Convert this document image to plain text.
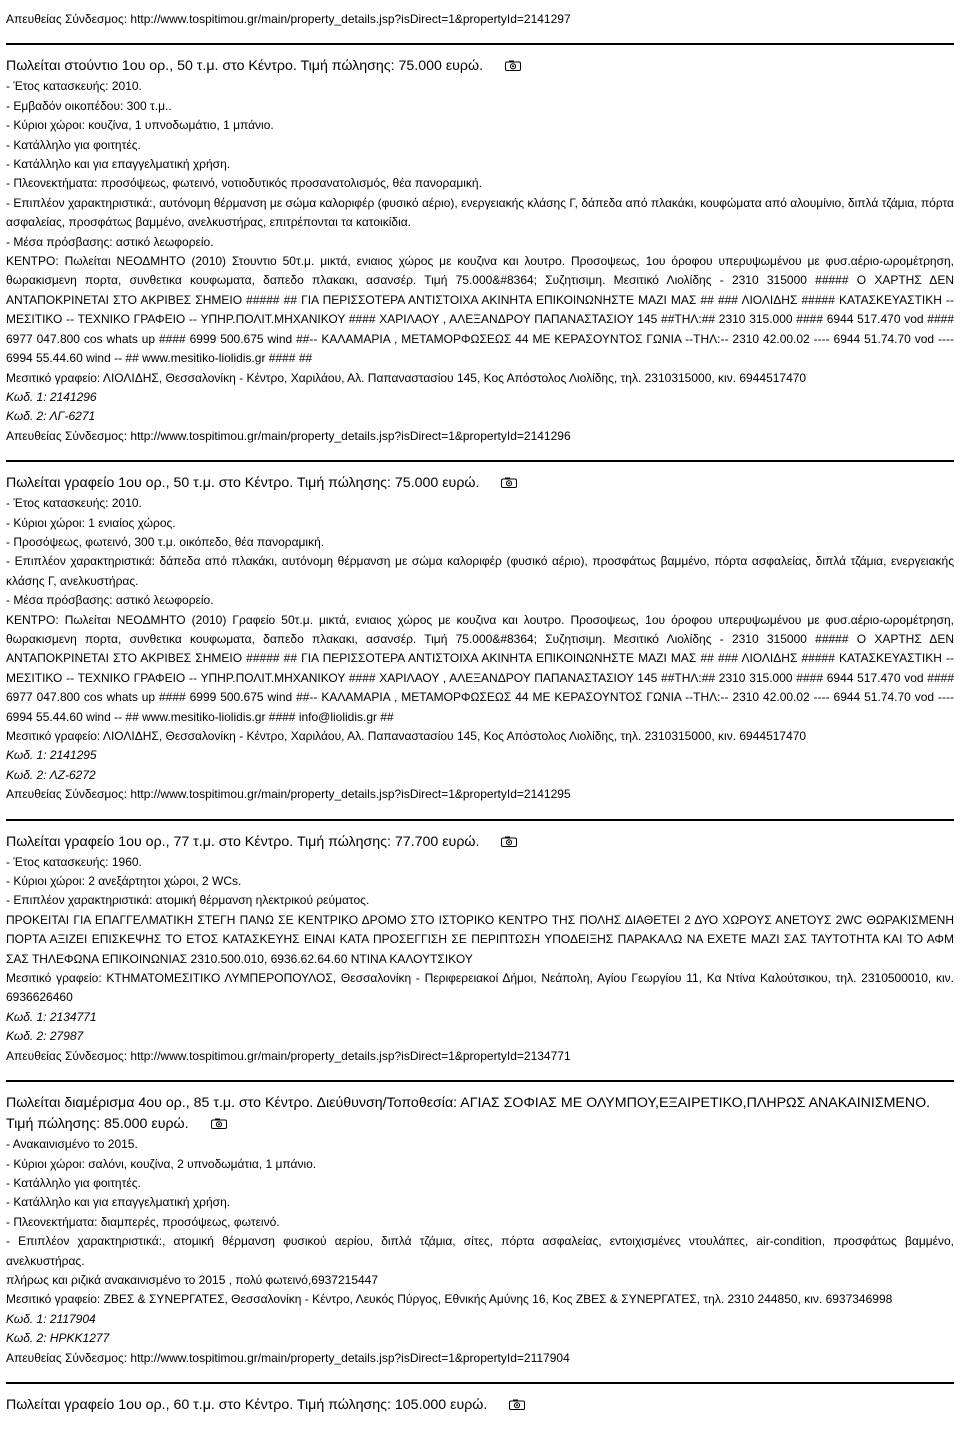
Απευθείας Σύνδεσμος: http://www.tospitimou.gr/main/property_details.jsp?isDirect=1&propertyId=2141297
Πωλείται στούντιο 1ου ορ., 50 τ.μ. στο Κέντρο. Τιμή πώλησης: 75.000 ευρώ.
- Έτος κατασκευής: 2010.
- Εμβαδόν οικοπέδου: 300 τ.μ..
- Κύριοι χώροι: κουζίνα, 1 υπνοδωμάτιο, 1 μπάνιο.
- Κατάλληλο για φοιτητές.
- Κατάλληλο και για επαγγελματική χρήση.
- Πλεονεκτήματα: προσόψεως, φωτεινό, νοτιοδυτικός προσανατολισμός, θέα πανοραμική.
- Επιπλέον χαρακτηριστικά:, αυτόνομη θέρμανση με σώμα καλοριφέρ (φυσικό αέριο), ενεργειακής κλάσης Γ, δάπεδα από πλακάκι, κουφώματα από αλουμίνιο, διπλά τζάμια, πόρτα ασφαλείας, προσφάτως βαμμένο, ανελκυστήρας, επιτρέπονται τα κατοικίδια.
- Μέσα πρόσβασης: αστικό λεωφορείο.
ΚΕΝΤΡΟ: Πωλείται ΝΕΟΔΜΗΤΟ (2010) Στουντιο 50τ.μ. μικτά, ενιαιος χώρος με κουζινα και λουτρο. Προσοψεως, 1ου όροφου υπερυψωμένου με φυσ.αέριο-ωρομέτρηση, θωρακισμενη πορτα, συνθετικα κουφωματα, δαπεδο πλακακι, ασανσέρ. Τιμή 75.000&#8364; Συζητισιμη. Μεσιτικό Λιολίδης - 2310 315000 ##### Ο ΧΑΡΤΗΣ ΔΕΝ ΑΝΤΑΠΟΚΡΙΝΕΤΑΙ ΣΤΟ ΑΚΡΙΒΕΣ ΣΗΜΕΙΟ ##### ## ΓΙΑ ΠΕΡΙΣΣΟΤΕΡΑ ΑΝΤΙΣΤΟΙΧΑ ΑΚΙΝΗΤΑ ΕΠΙΚΟΙΝΩΝΗΣΤΕ ΜΑΖΙ ΜΑΣ ## ### ΛΙΟΛΙΔΗΣ ##### ΚΑΤΑΣΚΕΥΑΣΤΙΚΗ -- ΜΕΣΙΤΙΚΟ -- ΤΕΧΝΙΚΟ ΓΡΑΦΕΙΟ -- ΥΠΗΡ.ΠΟΛΙΤ.ΜΗΧΑΝΙΚΟΥ #### ΧΑΡΙΛΑΟΥ , ΑΛΕΞΑΝΔΡΟΥ ΠΑΠΑΝΑΣΤΑΣΙΟΥ 145 ##ΤΗΛ:## 2310 315.000 #### 6944 517.470 vod #### 6977 047.800 cos whats up #### 6999 500.675 wind ##-- ΚΑΛΑΜΑΡΙΑ , ΜΕΤΑΜΟΡΦΩΣΕΩΣ 44 ΜΕ ΚΕΡΑΣΟΥΝΤΟΣ ΓΩΝΙΑ --ΤΗΛ:-- 2310 42.00.02 ---- 6944 51.74.70 vod ---- 6994 55.44.60 wind -- ## www.mesitiko-liolidis.gr #### ##
Μεσιτικό γραφείο: ΛΙΟΛΙΔΗΣ, Θεσσαλονίκη - Κέντρο, Χαριλάου, Αλ. Παπαναστασίου 145, Κος Απόστολος Λιολίδης, τηλ. 2310315000, κιν. 6944517470
Κωδ. 1: 2141296
Κωδ. 2: ΛΓ-6271
Απευθείας Σύνδεσμος: http://www.tospitimou.gr/main/property_details.jsp?isDirect=1&propertyId=2141296
Πωλείται γραφείο 1ου ορ., 50 τ.μ. στο Κέντρο. Τιμή πώλησης: 75.000 ευρώ.
- Έτος κατασκευής: 2010.
- Κύριοι χώροι: 1 ενιαίος χώρος.
- Προσόψεως, φωτεινό, 300 τ.μ. οικόπεδο, θέα πανοραμική.
- Επιπλέον χαρακτηριστικά: δάπεδα από πλακάκι, αυτόνομη θέρμανση με σώμα καλοριφέρ (φυσικό αέριο), προσφάτως βαμμένο, πόρτα ασφαλείας, διπλά τζάμια, ενεργειακής κλάσης Γ, ανελκυστήρας.
- Μέσα πρόσβασης: αστικό λεωφορείο.
ΚΕΝΤΡΟ: Πωλείται ΝΕΟΔΜΗΤΟ (2010) Γραφείο 50τ.μ. μικτά, ενιαιος χώρος με κουζινα και λουτρο. Προσοψεως, 1ου όροφου υπερυψωμένου με φυσ.αέριο-ωρομέτρηση, θωρακισμενη πορτα, συνθετικα κουφωματα, δαπεδο πλακακι, ασανσέρ. Τιμή 75.000&#8364; Συζητισιμη. Μεσιτικό Λιολίδης - 2310 315000 ##### Ο ΧΑΡΤΗΣ ΔΕΝ ΑΝΤΑΠΟΚΡΙΝΕΤΑΙ ΣΤΟ ΑΚΡΙΒΕΣ ΣΗΜΕΙΟ ##### ## ΓΙΑ ΠΕΡΙΣΣΟΤΕΡΑ ΑΝΤΙΣΤΟΙΧΑ ΑΚΙΝΗΤΑ ΕΠΙΚΟΙΝΩΝΗΣΤΕ ΜΑΖΙ ΜΑΣ ## ### ΛΙΟΛΙΔΗΣ ##### ΚΑΤΑΣΚΕΥΑΣΤΙΚΗ -- ΜΕΣΙΤΙΚΟ -- ΤΕΧΝΙΚΟ ΓΡΑΦΕΙΟ -- ΥΠΗΡ.ΠΟΛΙΤ.ΜΗΧΑΝΙΚΟΥ #### ΧΑΡΙΛΑΟΥ , ΑΛΕΞΑΝΔΡΟΥ ΠΑΠΑΝΑΣΤΑΣΙΟΥ 145 ##ΤΗΛ:## 2310 315.000 #### 6944 517.470 vod #### 6977 047.800 cos whats up #### 6999 500.675 wind ##-- ΚΑΛΑΜΑΡΙΑ , ΜΕΤΑΜΟΡΦΩΣΕΩΣ 44 ΜΕ ΚΕΡΑΣΟΥΝΤΟΣ ΓΩΝΙΑ --ΤΗΛ:-- 2310 42.00.02 ---- 6944 51.74.70 vod ---- 6994 55.44.60 wind -- ## www.mesitiko-liolidis.gr #### info@liolidis.gr ##
Μεσιτικό γραφείο: ΛΙΟΛΙΔΗΣ, Θεσσαλονίκη - Κέντρο, Χαριλάου, Αλ. Παπαναστασίου 145, Κος Απόστολος Λιολίδης, τηλ. 2310315000, κιν. 6944517470
Κωδ. 1: 2141295
Κωδ. 2: ΛΖ-6272
Απευθείας Σύνδεσμος: http://www.tospitimou.gr/main/property_details.jsp?isDirect=1&propertyId=2141295
Πωλείται γραφείο 1ου ορ., 77 τ.μ. στο Κέντρο. Τιμή πώλησης: 77.700 ευρώ.
- Έτος κατασκευής: 1960.
- Κύριοι χώροι: 2 ανεξάρτητοι χώροι, 2 WCs.
- Επιπλέον χαρακτηριστικά: ατομική θέρμανση ηλεκτρικού ρεύματος.
ΠΡΟΚΕΙΤΑΙ ΓΙΑ ΕΠΑΓΓΕΛΜΑΤΙΚΗ ΣΤΕΓΗ ΠΑΝΩ ΣΕ ΚΕΝΤΡΙΚΟ ΔΡΟΜΟ ΣΤΟ ΙΣΤΟΡΙΚΟ ΚΕΝΤΡΟ ΤΗΣ ΠΟΛΗΣ ΔΙΑΘΕΤΕΙ 2 ΔΥΟ ΧΩΡΟΥΣ ΑΝΕΤΟΥΣ 2WC ΘΩΡΑΚΙΣΜΕΝΗ ΠΟΡΤΑ ΑΞΙΖΕΙ ΕΠΙΣΚΕΨΗΣ ΤΟ ΕΤΟΣ ΚΑΤΑΣΚΕΥΗΣ ΕΙΝΑΙ ΚΑΤΑ ΠΡΟΣΕΓΓΙΣΗ ΣΕ ΠΕΡΙΠΤΩΣΗ ΥΠΟΔΕΙΞΗΣ ΠΑΡΑΚΑΛΩ ΝΑ ΕΧΕΤΕ ΜΑΖΙ ΣΑΣ ΤΑΥΤΟΤΗΤΑ ΚΑΙ ΤΟ ΑΦΜ ΣΑΣ ΤΗΛΕΦΩΝΑ ΕΠΙΚΟΙΝΩΝΙΑΣ 2310.500.010, 6936.62.64.60 ΝΤΙΝΑ ΚΑΛΟΥΤΣΙΚΟΥ
Μεσιτικό γραφείο: ΚΤΗΜΑΤΟΜΕΣΙΤΙΚΟ ΛΥΜΠΕΡΟΠΟΥΛΟΣ, Θεσσαλονίκη - Περιφερειακοί Δήμοι, Νεάπολη, Αγίου Γεωργίου 11, Κα Ντίνα Καλούτσικου, τηλ. 2310500010, κιν. 6936626460
Κωδ. 1: 2134771
Κωδ. 2: 27987
Απευθείας Σύνδεσμος: http://www.tospitimou.gr/main/property_details.jsp?isDirect=1&propertyId=2134771
Πωλείται διαμέρισμα 4ου ορ., 85 τ.μ. στο Κέντρο. Διεύθυνση/Τοποθεσία: ΑΓΙΑΣ ΣΟΦΙΑΣ ΜΕ ΟΛΥΜΠΟΥ,ΕΞΑΙΡΕΤΙΚΟ,ΠΛΗΡΩΣ ΑΝΑΚΑΙΝΙΣΜΕΝΟ. Τιμή πώλησης: 85.000 ευρώ.
- Ανακαινισμένο το 2015.
- Κύριοι χώροι: σαλόνι, κουζίνα, 2 υπνοδωμάτια, 1 μπάνιο.
- Κατάλληλο για φοιτητές.
- Κατάλληλο και για επαγγελματική χρήση.
- Πλεονεκτήματα: διαμπερές, προσόψεως, φωτεινό.
- Επιπλέον χαρακτηριστικά:, ατομική θέρμανση φυσικού αερίου, διπλά τζάμια, σίτες, πόρτα ασφαλείας, εντοιχισμένες ντουλάπες, air-condition, προσφάτως βαμμένο, ανελκυστήρας.
πλήρως και ριζικά ανακαινισμένο το 2015 , πολύ φωτεινό,6937215447
Μεσιτικό γραφείο: ΖΒΕΣ & ΣΥΝΕΡΓΑΤΕΣ, Θεσσαλονίκη - Κέντρο, Λευκός Πύργος, Εθνικής Αμύνης 16, Κος ΖΒΕΣ & ΣΥΝΕΡΓΑΤΕΣ, τηλ. 2310 244850, κιν. 6937346998
Κωδ. 1: 2117904
Κωδ. 2: ΗΡΚΚ1277
Απευθείας Σύνδεσμος: http://www.tospitimou.gr/main/property_details.jsp?isDirect=1&propertyId=2117904
Πωλείται γραφείο 1ου ορ., 60 τ.μ. στο Κέντρο. Τιμή πώλησης: 105.000 ευρώ.
